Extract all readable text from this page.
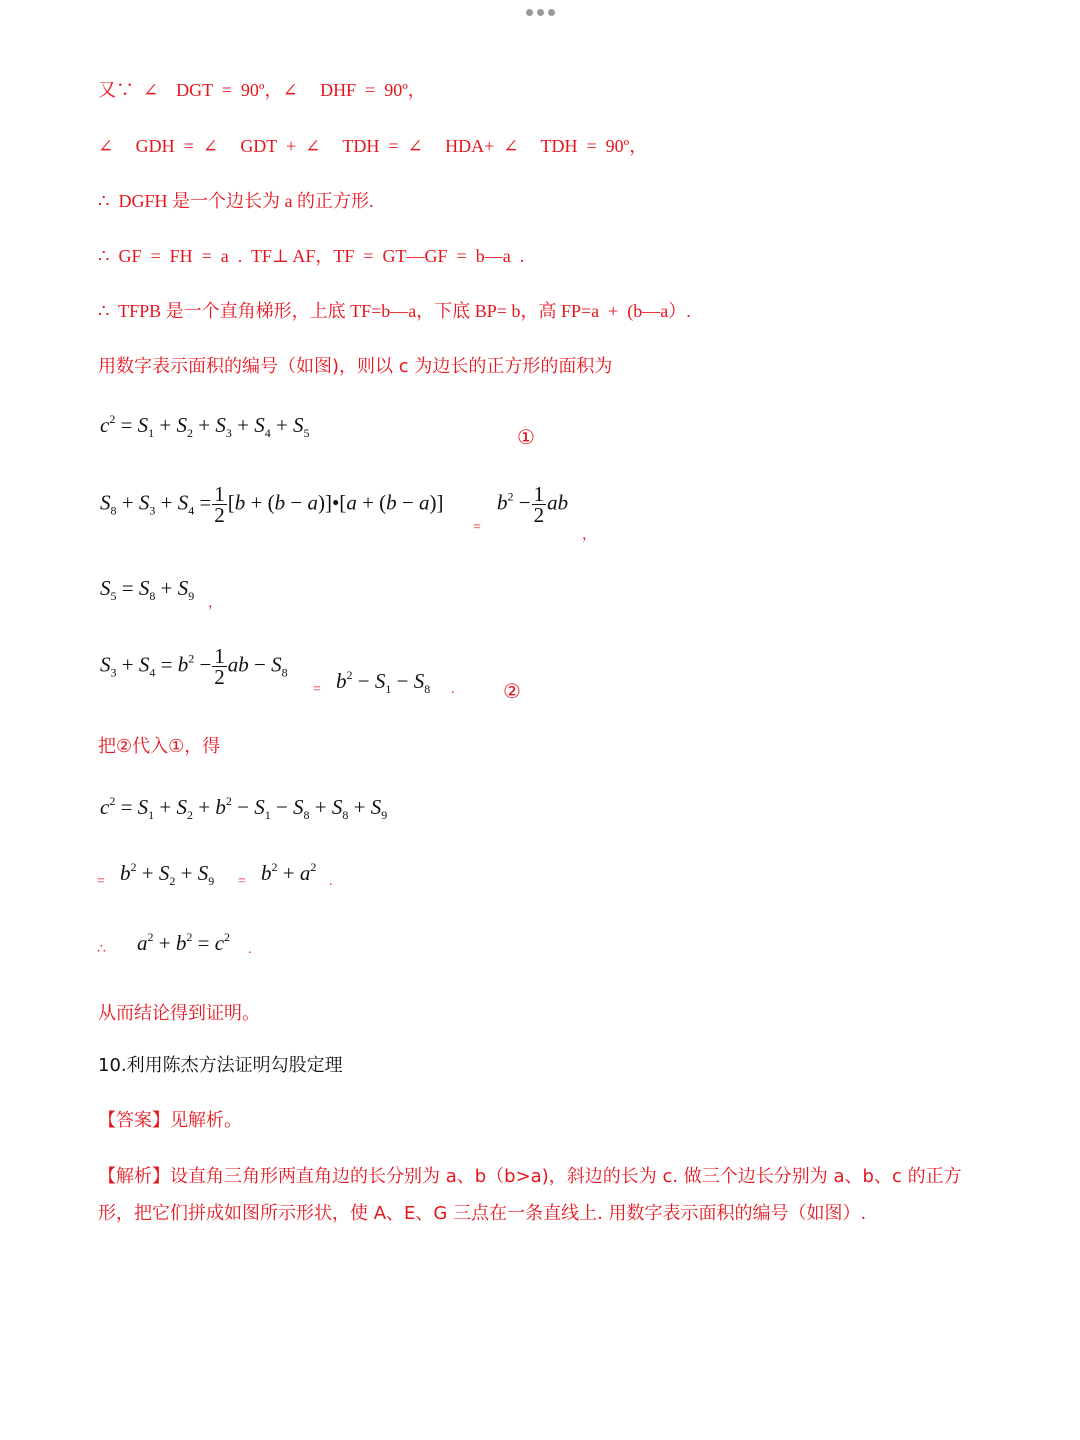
又∵  ∠    DGT  =  90º，∠     DHF  =  90º，
∠     GDH  =  ∠     GDT  +  ∠     TDH  =  ∠     HDA+  ∠     TDH  =  90º，
∴  DGFH 是一个边长为 a 的正方形.
∴  GF  =  FH  =  a  .  TF⊥ AF，TF  =  GT—GF  =  b—a  .
∴  TFPB 是一个直角梯形，上底 TF=b—a，下底 BP= b，高 FP=a  +  (b—a）.
用数字表示面积的编号（如图)，则以 c 为边长的正方形的面积为
$c^2 = S_1 + S_2 + S_3 + S_4 + S_5$	①
$S_8 + S_3 + S_4 = \frac{1}{2} [b + (b$ − a)]•[a + (b − a)]
=
$b^2 - \frac{1}{2}$ ab
，
$S_5 = S_8 + S_9$ ，
$S_3 + S_4 = b^2 - \frac{1}{2}$ ab − $S_8$
= $b^2 - S_1 - S_8$ . ②
把②代入①，得
$c^2 = S_1 + S_2 + b^2 - S_1 - S_8 + S_8 + S_9$
= $b^2 + S_2 + S_9 = b^2 + a^2$
.
∴ $a^2 + b^2 = c^2$
.
从而结论得到证明。
10.利用陈杰方法证明勾股定理
【答案】见解析。
【解析】设直角三角形两直角边的长分别为 a、b（b>a)，斜边的长为 c. 做三个边长分别为 a、b、c 的正方
形，把它们拼成如图所示形状，使 A、E、G 三点在一条直线上. 用数字表示面积的编号（如图）.
